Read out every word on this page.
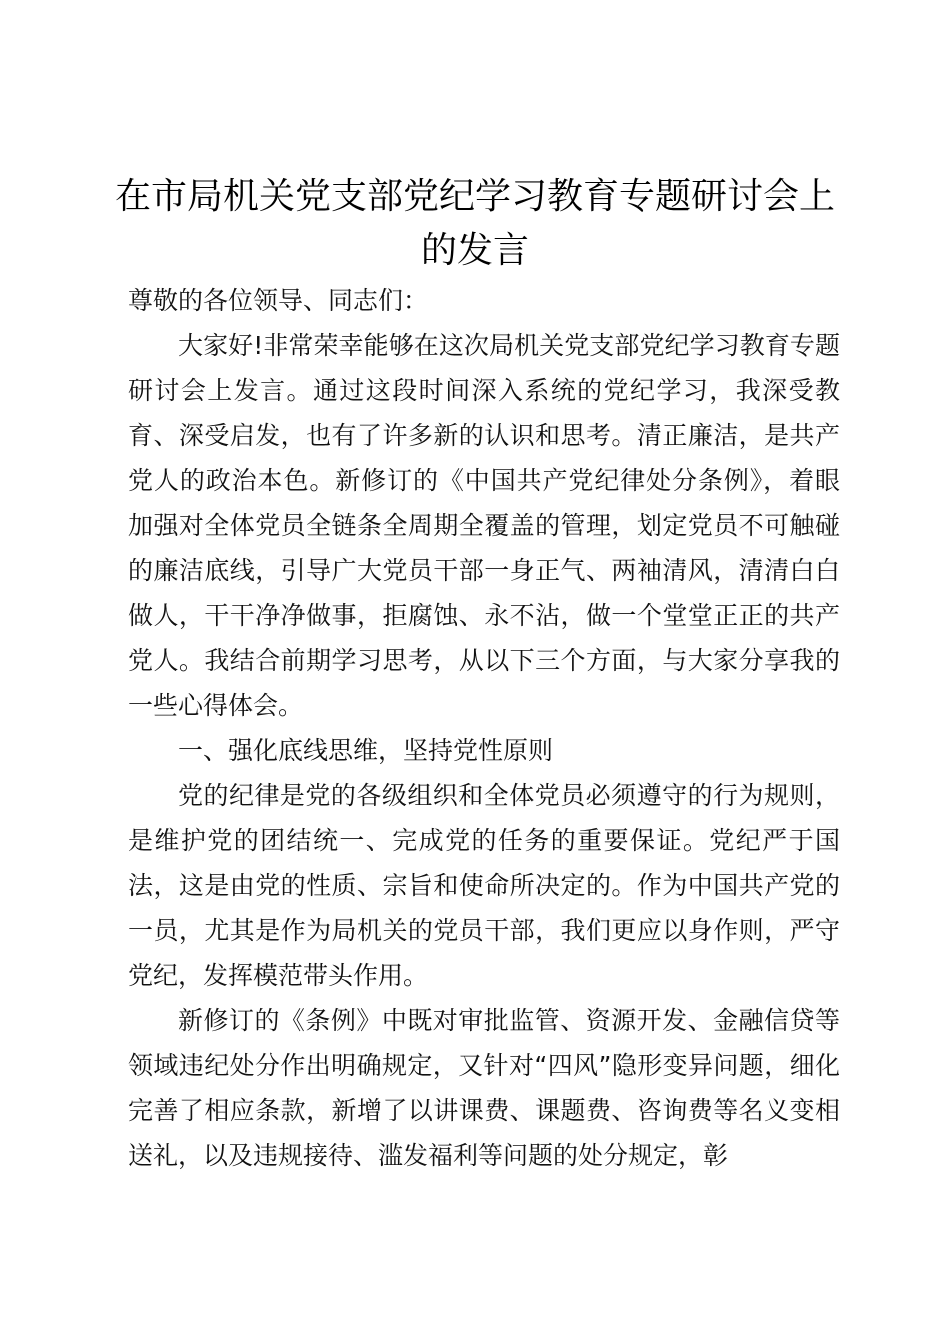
在市局机关党支部党纪学习教育专题研讨会上的发言

尊敬的各位领导、同志们：

大家好!非常荣幸能够在这次局机关党支部党纪学习教育专题研讨会上发言。通过这段时间深入系统的党纪学习，我深受教育、深受启发，也有了许多新的认识和思考。清正廉洁，是共产党人的政治本色。新修订的《中国共产党纪律处分条例》，着眼加强对全体党员全链条全周期全覆盖的管理，划定党员不可触碰的廉洁底线，引导广大党员干部一身正气、两袖清风，清清白白做人，干干净净做事，拒腐蚀、永不沾，做一个堂堂正正的共产党人。我结合前期学习思考，从以下三个方面，与大家分享我的一些心得体会。

一、强化底线思维，坚持党性原则

党的纪律是党的各级组织和全体党员必须遵守的行为规则，是维护党的团结统一、完成党的任务的重要保证。党纪严于国法，这是由党的性质、宗旨和使命所决定的。作为中国共产党的一员，尤其是作为局机关的党员干部，我们更应以身作则，严守党纪，发挥模范带头作用。

新修订的《条例》中既对审批监管、资源开发、金融信贷等领域违纪处分作出明确规定，又针对“四风”隐形变异问题，细化完善了相应条款，新增了以讲课费、课题费、咨询费等名义变相送礼，以及违规接待、滥发福利等问题的处分规定，彰
